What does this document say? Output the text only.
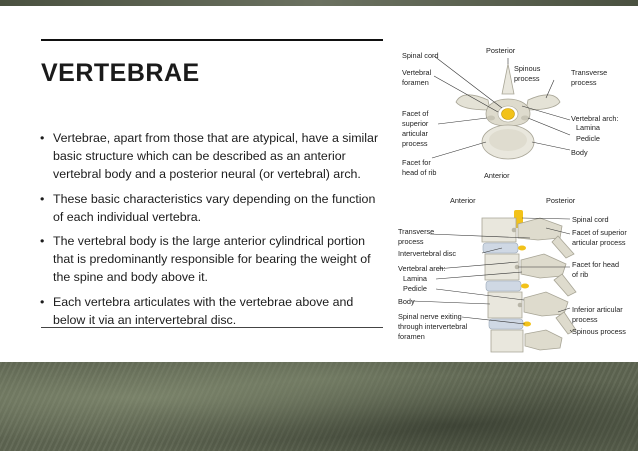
VERTEBRAE
• Vertebrae, apart from those that are atypical, have a similar basic structure which can be described as an anterior vertebral body and a posterior neural (or vertebral) arch.
• These basic characteristics vary depending on the function of each individual vertebra.
• The vertebral body is the large anterior cylindrical portion that is predominantly responsible for bearing the weight of the spine and body above it.
• Each vertebra articulates with the vertebrae above and below it via an intervertebral disc.
Posterior
Spinal cord
Vertebral
foramen
Spinous
process
Transverse
process
Facet of
superior
articular
process
Vertebral arch:
Lamina
Pedicle
Body
Facet for
head of rib	Anterior
Anterior	Posterior
Spinal cord
Transverse
process
Facet of superior
articular process
Intervertebral disc
Vertebral arch:
Lamina
Pedicle
Facet for head
of rib
Body
Inferior articular
process
Spinal nerve exiting
through intervertebral
foramen
Spinous process
